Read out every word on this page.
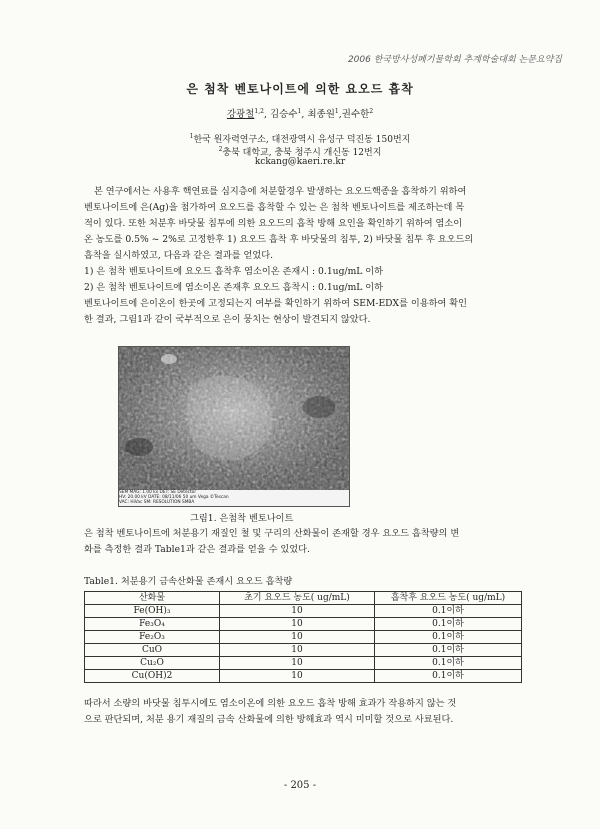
2006 한국방사성폐기물학회 추계학술대회 논문요약집
은 첨착 벤토나이트에 의한 요오드 흡착
강광철$^{1,2}$, 김승수$^1$, 최종원$^1$,권수한$^2$
$^1$한국 원자력연구소, 대전광역시 유성구 덕진동 150번지
$^2$충북 대학교, 충북 청주시 개신동 12번지
kckang@kaeri.re.kr
본 연구에서는 사용후 핵연료를 심지층에 처분할경우 발생하는 요오드핵종을 흡착하기 위하여
벤토나이트에 은(Ag)을 첨가하여 요오드를 흡착할 수 있는 은 첨착 벤토나이트를 제조하는데 목
적이 있다. 또한 처분후 바닷물 침투에 의한 요오드의 흡착 방해 요인을 확인하기 위하여 염소이
온 농도를 0.5% ~ 2%로 고정한후 1) 요오드 흡착 후 바닷물의 침투, 2) 바닷물 침투 후 요오드의
흡착을 실시하였고, 다음과 같은 결과를 얻었다.
1) 은 첨착 벤토나이트에 요오드 흡착후 염소이온 존재시 : 0.1ug/mL 이하
2) 은 첨착 벤토나이트에 염소이온 존재후 요오드 흡착시 : 0.1ug/mL 이하
벤토나이트에 은이온이 한곳에 고정되는지 여부를 확인하기 위하여 SEM-EDX를 이용하여 확인
한 결과, 그림1과 같이 국부적으로 은이 뭉치는 현상이 발견되지 않았다.
SEM MAG: 1.00 kx DET: SE Detector
HV: 20.00 kV DATE: 08/11/06 50 um Vega ©Tescan
VAC: HiVac SM: RESOLUTION SMBA
그림1. 은첨착 벤토나이트
은 첨착 벤토나이트에 처분용기 재질인 철 및 구리의 산화물이 존재할 경우 요오드 흡착량의 변
화를 측정한 결과 Table1과 같은 결과를 얻을 수 있었다.
Table1. 처분용기 금속산화물 존재시 요오드 흡착량
산화물	초기 요오드 농도( ug/mL)	흡착후 요오드 농도( ug/mL)
Fe(OH)₃	10	0.1이하
Fe₃O₄	10	0.1이하
Fe₂O₃	10	0.1이하
CuO	10	0.1이하
Cu₂O	10	0.1이하
Cu(OH)2	10	0.1이하
따라서 소량의 바닷물 침투시에도 염소이온에 의한 요오드 흡착 방해 효과가 작용하지 않는 것
으로 판단되며, 처분 용기 재질의 금속 산화물에 의한 방해효과 역시 미미할 것으로 사료된다.
- 205 -
